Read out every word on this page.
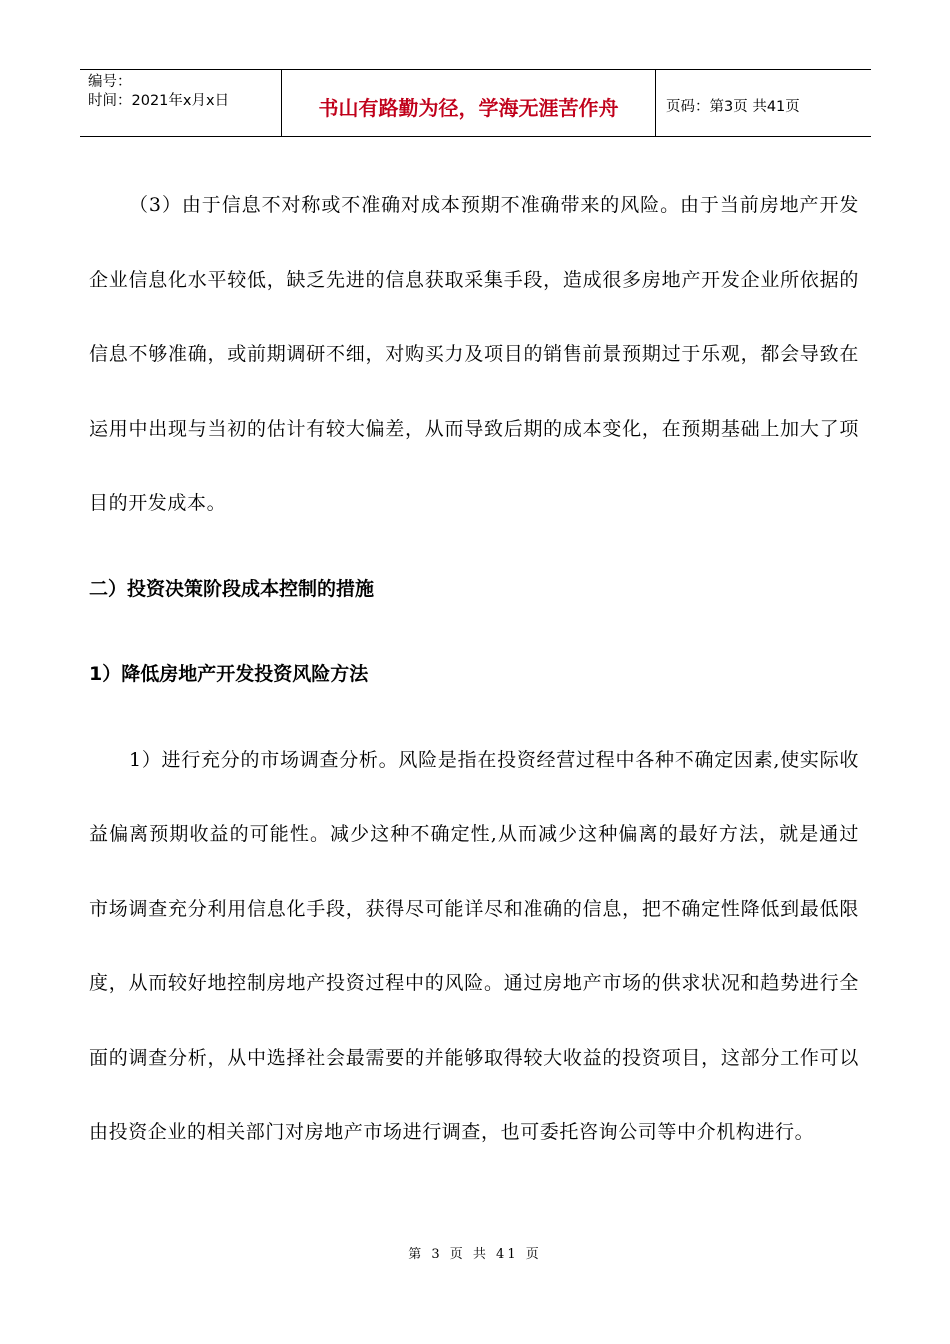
编号：
时间：2021年x月x日	书山有路勤为径，学海无涯苦作舟	页码：第3页 共41页

（3）由于信息不对称或不准确对成本预期不准确带来的风险。由于当前房地产开发企业信息化水平较低，缺乏先进的信息获取采集手段，造成很多房地产开发企业所依据的信息不够准确，或前期调研不细，对购买力及项目的销售前景预期过于乐观，都会导致在运用中出现与当初的估计有较大偏差，从而导致后期的成本变化，在预期基础上加大了项目的开发成本。

二）投资决策阶段成本控制的措施
1）降低房地产开发投资风险方法

1）进行充分的市场调查分析。风险是指在投资经营过程中各种不确定因素,使实际收益偏离预期收益的可能性。减少这种不确定性,从而减少这种偏离的最好方法，就是通过市场调查充分利用信息化手段，获得尽可能详尽和准确的信息，把不确定性降低到最低限度，从而较好地控制房地产投资过程中的风险。通过房地产市场的供求状况和趋势进行全面的调查分析，从中选择社会最需要的并能够取得较大收益的投资项目，这部分工作可以由投资企业的相关部门对房地产市场进行调查，也可委托咨询公司等中介机构进行。

第 3 页 共 41 页
